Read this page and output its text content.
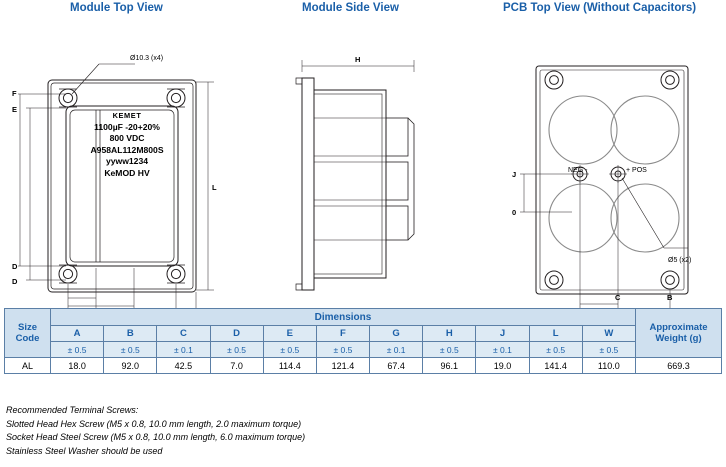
Module Top View	Module Side View	PCB Top View (Without Capacitors)
Ø10.3 (x4)
F
E
D
D
L
KEMET
1100µF -20+20%
800 VDC
A958AL112M800S
yyww1234
KeMOD HV
H
NEG -	+ POS
J
0
C	B
Ø5 (x2)
Size Code	Dimensions											Approximate Weight (g)
	A	B	C	D	E	F	G	H	J	L	W	
	± 0.5	± 0.5	± 0.1	± 0.5	± 0.5	± 0.5	± 0.1	± 0.5	± 0.1	± 0.5	± 0.5	
AL	18.0	92.0	42.5	7.0	114.4	121.4	67.4	96.1	19.0	141.4	110.0	669.3
Recommended Terminal Screws:
Slotted Head Hex Screw (M5 x 0.8, 10.0 mm length, 2.0 maximum torque)
Socket Head Steel Screw (M5 x 0.8, 10.0 mm length, 6.0 maximum torque)
Stainless Steel Washer should be used
